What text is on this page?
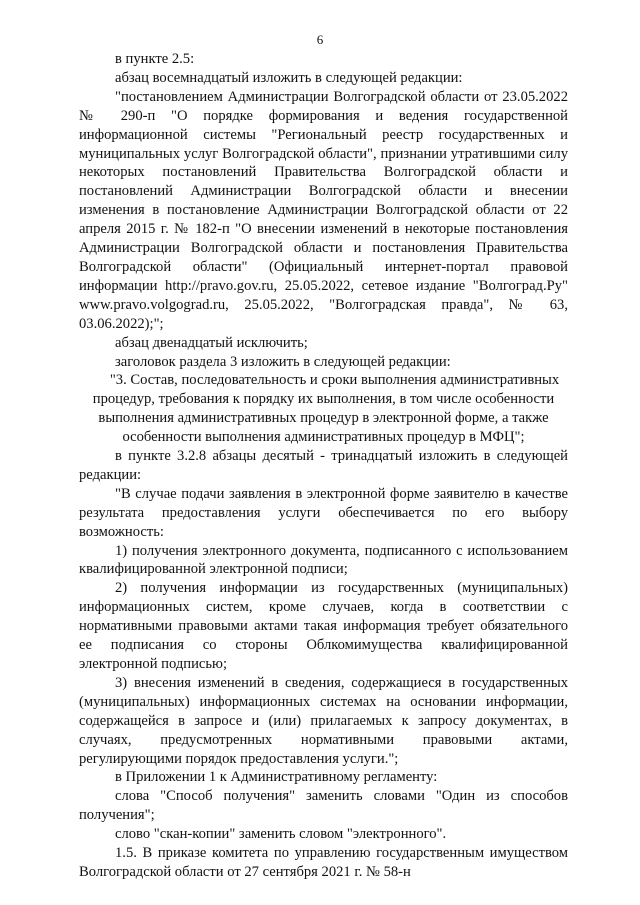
6

в пункте 2.5:

абзац восемнадцатый изложить в следующей редакции:

"постановлением Администрации Волгоградской области от 23.05.2022 № 290-п "О порядке формирования и ведения государственной информационной системы "Региональный реестр государственных и муниципальных услуг Волгоградской области", признании утратившими силу некоторых постановлений Правительства Волгоградской области и постановлений Администрации Волгоградской области и внесении изменения в постановление Администрации Волгоградской области от 22 апреля 2015 г. № 182-п "О внесении изменений в некоторые постановления Администрации Волгоградской области и постановления Правительства Волгоградской области" (Официальный интернет-портал правовой информации http://pravo.gov.ru, 25.05.2022, сетевое издание "Волгоград.Ру" www.pravo.volgograd.ru, 25.05.2022, "Волгоградская правда", № 63, 03.06.2022);";

абзац двенадцатый исключить;

заголовок раздела 3 изложить в следующей редакции:

"3. Состав, последовательность и сроки выполнения административных процедур, требования к порядку их выполнения, в том числе особенности выполнения административных процедур в электронной форме, а также особенности выполнения административных процедур в МФЦ";

в пункте 3.2.8 абзацы десятый - тринадцатый изложить в следующей редакции:

"В случае подачи заявления в электронной форме заявителю в качестве результата предоставления услуги обеспечивается по его выбору возможность:

1) получения электронного документа, подписанного с использованием квалифицированной электронной подписи;

2) получения информации из государственных (муниципальных) информационных систем, кроме случаев, когда в соответствии с нормативными правовыми актами такая информация требует обязательного ее подписания со стороны Облкомимущества квалифицированной электронной подписью;

3) внесения изменений в сведения, содержащиеся в государственных (муниципальных) информационных системах на основании информации, содержащейся в запросе и (или) прилагаемых к запросу документах, в случаях, предусмотренных нормативными правовыми актами, регулирующими порядок предоставления услуги.";

в Приложении 1 к Административному регламенту:

слова "Способ получения" заменить словами "Один из способов получения";

слово "скан-копии" заменить словом "электронного".

1.5. В приказе комитета по управлению государственным имуществом Волгоградской области от 27 сентября 2021 г. № 58-н
